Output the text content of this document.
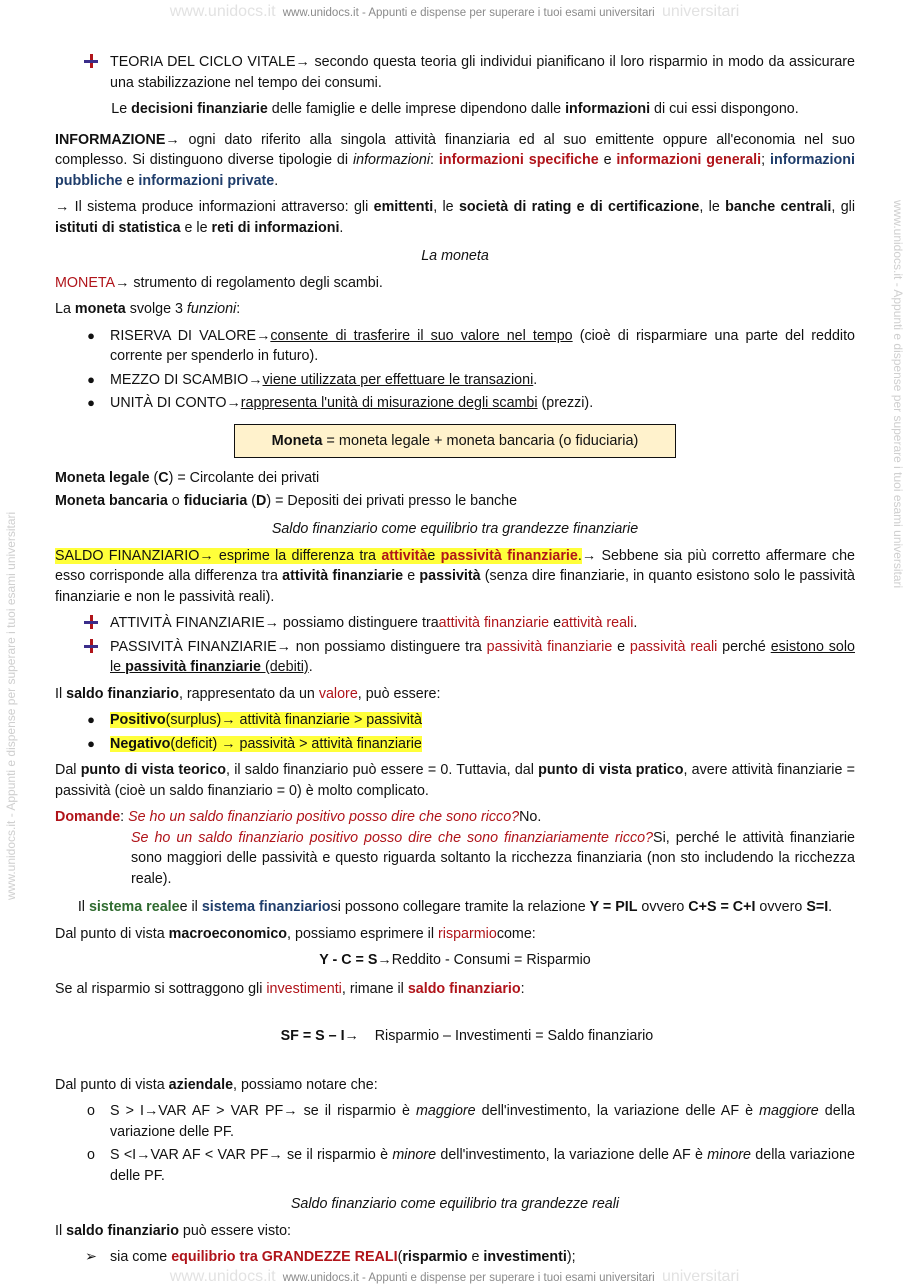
www.unidocs.it www.unidocs.it - Appunti e dispense per superare i tuoi esami universitari universitari
www.unidocs.it - Appunti e dispense per superare i tuoi esami universitari
www.unidocs.it - Appunti e dispense per superare i tuoi esami universitari
TEORIA DEL CICLO VITALE→ secondo questa teoria gli individui pianificano il loro risparmio in modo da assicurare una stabilizzazione nel tempo dei consumi.

Le decisioni finanziarie delle famiglie e delle imprese dipendono dalle informazioni di cui essi dispongono.

INFORMAZIONE→ ogni dato riferito alla singola attività finanziaria ed al suo emittente oppure all'economia nel suo complesso. Si distinguono diverse tipologie di informazioni: informazioni specifiche e informazioni generali; informazioni pubbliche e informazioni private.

→ Il sistema produce informazioni attraverso: gli emittenti, le società di rating e di certificazione, le banche centrali, gli istituti di statistica e le reti di informazioni.

La moneta

MONETA→ strumento di regolamento degli scambi.

La moneta svolge 3 funzioni:

●	RISERVA DI VALORE→consente di trasferire il suo valore nel tempo (cioè di risparmiare una parte del reddito corrente per spenderlo in futuro).
●	MEZZO DI SCAMBIO→viene utilizzata per effettuare le transazioni.
●	UNITÀ DI CONTO→rappresenta l'unità di misurazione degli scambi (prezzi).
Moneta = moneta legale + moneta bancaria (o fiduciaria)

Moneta legale (C) = Circolante dei privati

Moneta bancaria o fiduciaria (D) = Depositi dei privati presso le banche

Saldo finanziario come equilibrio tra grandezze finanziarie

SALDO FINANZIARIO→ esprime la differenza tra attivitàe passività finanziarie.→ Sebbene sia più corretto affermare che esso corrisponde alla differenza tra attività finanziarie e passività (senza dire finanziarie, in quanto esistono solo le passività finanziarie e non le passività reali).

ATTIVITÀ FINANZIARIE→ possiamo distinguere traattività finanziarie eattività reali.
PASSIVITÀ FINANZIARIE→ non possiamo distinguere tra passività finanziarie e passività reali perché esistono solo le passività finanziarie (debiti).

Il saldo finanziario, rappresentato da un valore, può essere:

●	Positivo(surplus)→ attività finanziarie > passività
●	Negativo(deficit) → passività > attività finanziarie

Dal punto di vista teorico, il saldo finanziario può essere = 0. Tuttavia, dal punto di vista pratico, avere attività finanziarie = passività (cioè un saldo finanziario = 0) è molto complicato.

Domande: Se ho un saldo finanziario positivo posso dire che sono ricco?No.

Se ho un saldo finanziario positivo posso dire che sono finanziariamente ricco?Si, perché le attività finanziarie sono maggiori delle passività e questo riguarda soltanto la ricchezza finanziaria (non sto includendo la ricchezza reale).

Il sistema realee il sistema finanziariosi possono collegare tramite la relazione Y = PIL ovvero C+S = C+I ovvero S=I.

Dal punto di vista macroeconomico, possiamo esprimere il risparmiocome:

Y - C = S→Reddito - Consumi = Risparmio

Se al risparmio si sottraggono gli investimenti, rimane il saldo finanziario:

SF = S – I→    Risparmio – Investimenti = Saldo finanziario

Dal punto di vista aziendale, possiamo notare che:

o	S > I→VAR AF > VAR PF→ se il risparmio è maggiore dell'investimento, la variazione delle AF è maggiore della variazione delle PF.
o	S <I→VAR AF < VAR PF→ se il risparmio è minore dell'investimento, la variazione delle AF è minore della variazione delle PF.
Saldo finanziario come equilibrio tra grandezze reali

Il saldo finanziario può essere visto:

➢ sia come equilibrio tra GRANDEZZE REALI(risparmio e investimenti);
www.unidocs.it www.unidocs.it - Appunti e dispense per superare i tuoi esami universitari universitari
